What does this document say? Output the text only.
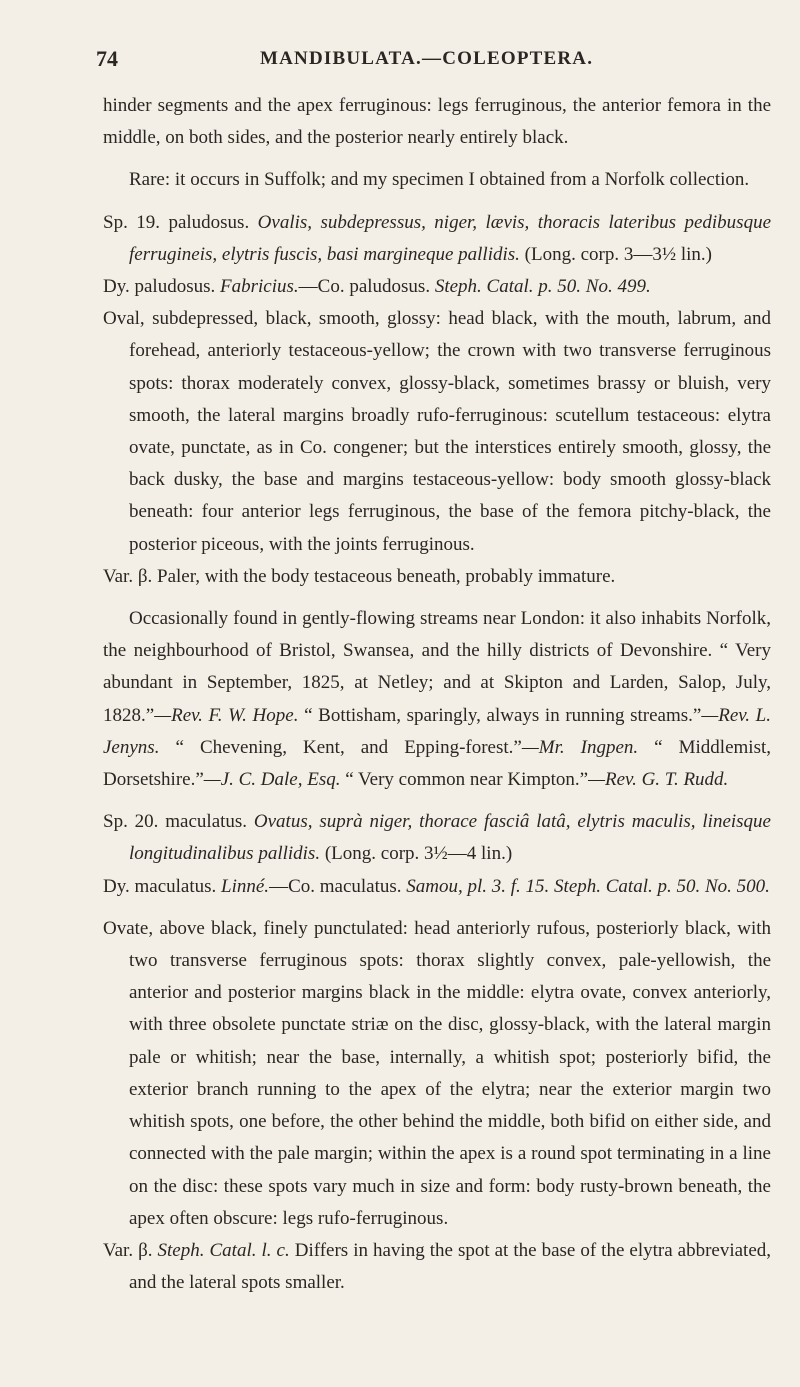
74	MANDIBULATA.—COLEOPTERA.

hinder segments and the apex ferruginous: legs ferruginous, the anterior femora in the middle, on both sides, and the posterior nearly entirely black.

Rare: it occurs in Suffolk; and my specimen I obtained from a Norfolk collection.

Sp. 19. paludosus. Ovalis, subdepressus, niger, lævis, thoracis lateribus pedibusque ferrugineis, elytris fuscis, basi margineque pallidis. (Long. corp. 3—3½ lin.)

Dy. paludosus. Fabricius.—Co. paludosus. Steph. Catal. p. 50. No. 499.

Oval, subdepressed, black, smooth, glossy: head black, with the mouth, labrum, and forehead, anteriorly testaceous-yellow; the crown with two transverse ferruginous spots: thorax moderately convex, glossy-black, sometimes brassy or bluish, very smooth, the lateral margins broadly rufo-ferruginous: scutellum testaceous: elytra ovate, punctate, as in Co. congener; but the interstices entirely smooth, glossy, the back dusky, the base and margins testaceous-yellow: body smooth glossy-black beneath: four anterior legs ferruginous, the base of the femora pitchy-black, the posterior piceous, with the joints ferruginous.

Var. β. Paler, with the body testaceous beneath, probably immature.

Occasionally found in gently-flowing streams near London: it also inhabits Norfolk, the neighbourhood of Bristol, Swansea, and the hilly districts of Devonshire. “ Very abundant in September, 1825, at Netley; and at Skipton and Larden, Salop, July, 1828.”—Rev. F. W. Hope. “ Bottisham, sparingly, always in running streams.”—Rev. L. Jenyns. “ Chevening, Kent, and Epping-forest.”—Mr. Ingpen. “ Middlemist, Dorsetshire.”—J. C. Dale, Esq. “ Very common near Kimpton.”—Rev. G. T. Rudd.

Sp. 20. maculatus. Ovatus, suprà niger, thorace fasciâ latâ, elytris maculis, lineisque longitudinalibus pallidis. (Long. corp. 3½—4 lin.)

Dy. maculatus. Linné.—Co. maculatus. Samou, pl. 3. f. 15. Steph. Catal. p. 50. No. 500.

Ovate, above black, finely punctulated: head anteriorly rufous, posteriorly black, with two transverse ferruginous spots: thorax slightly convex, pale-yellowish, the anterior and posterior margins black in the middle: elytra ovate, convex anteriorly, with three obsolete punctate striæ on the disc, glossy-black, with the lateral margin pale or whitish; near the base, internally, a whitish spot; posteriorly bifid, the exterior branch running to the apex of the elytra; near the exterior margin two whitish spots, one before, the other behind the middle, both bifid on either side, and connected with the pale margin; within the apex is a round spot terminating in a line on the disc: these spots vary much in size and form: body rusty-brown beneath, the apex often obscure: legs rufo-ferruginous.

Var. β. Steph. Catal. l. c. Differs in having the spot at the base of the elytra abbreviated, and the lateral spots smaller.
